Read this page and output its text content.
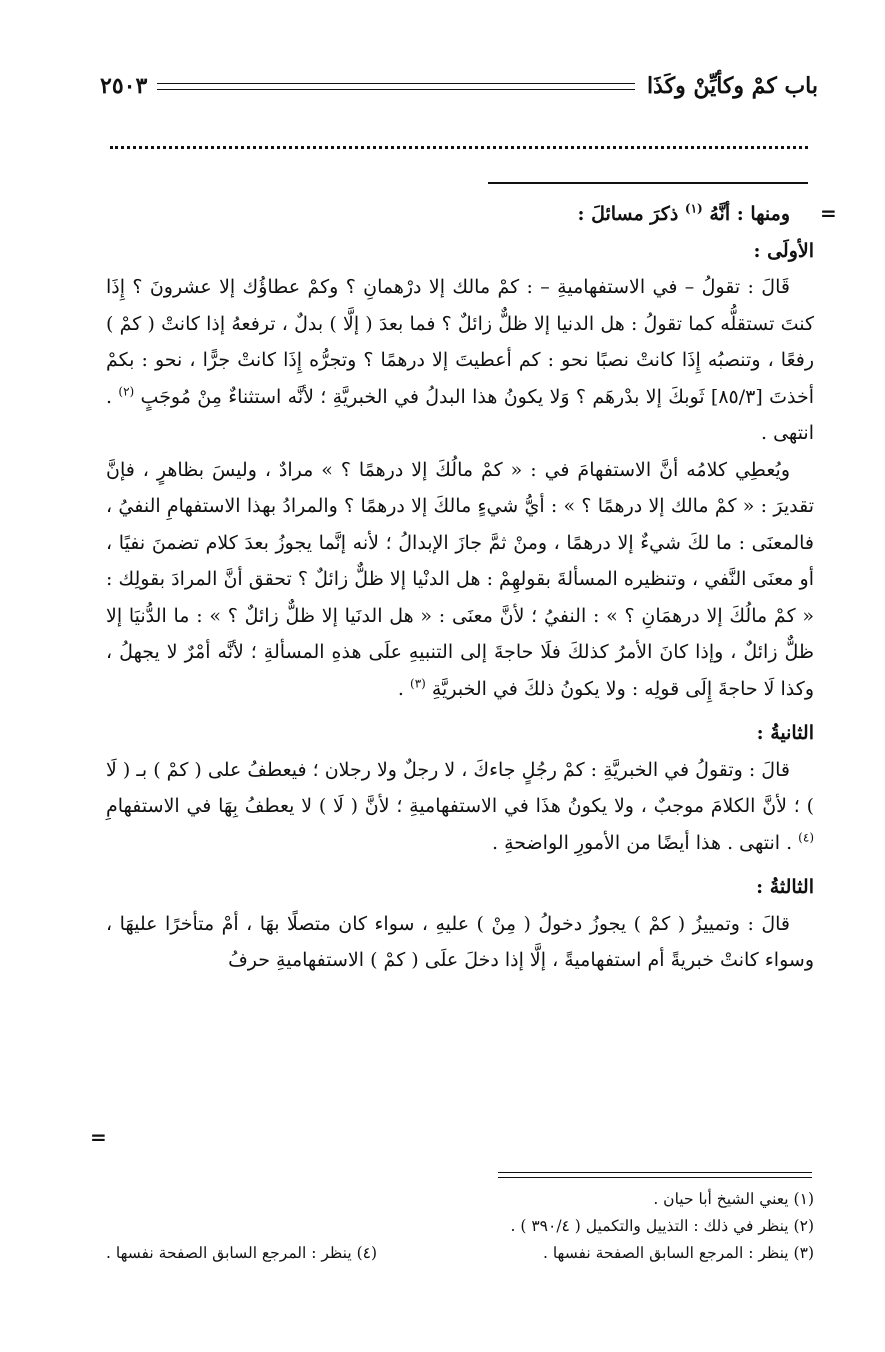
باب كمْ وكأيِّنْ وكَذَا
٢٥٠٣
=
=

ومنها : أنَّهُ $^{(١)}$ ذكرَ مسائلَ :

الأولَى :

قَالَ : تقولُ – في الاستفهاميةِ – : كمْ مالك إلا درْهمانِ ؟ وكمْ عطاؤُك إلا عشرونَ ؟ إِذَا كنتَ تستقلُّه كما تقولُ : هل الدنيا إلا ظلٌّ زائلٌ ؟ فما بعدَ ( إلَّا ) بدلٌ ، ترفعهُ إذا كانتْ ( كمْ ) رفعًا ، وتنصبُه إِذَا كانتْ نصبًا نحو : كم أعطيتَ إلا درهمًا ؟ وتجرُّه إِذَا كانتْ جرًّا ، نحو : بكمْ أخذتَ [٨٥/٣] ثَوبكَ إلا بدْرهَم ؟ وَلا يكونُ هذا البدلُ في الخبريَّةِ ؛ لأنَّه استثناءٌ مِنْ مُوجَبٍ $^{(٢)}$ . انتهى .

ويُعطِي كلامُه أنَّ الاستفهامَ في : « كمْ مالُكَ إلا درهمًا ؟ » مرادٌ ، وليسَ بظاهرٍ ، فإنَّ تقديرَ : « كمْ مالك إلا درهمًا ؟ » : أيُّ شيءٍ مالكَ إلا درهمًا ؟ والمرادُ بهذا الاستفهامِ النفيُ ، فالمعنَى : ما لكَ شيءٌ إلا درهمًا ، ومنْ ثمَّ جازَ الإبدالُ ؛ لأنه إنَّما يجوزُ بعدَ كلام تضمنَ نفيًا ، أو معنَى النَّفي ، وتنظيره المسألةَ بقولهِمْ : هل الدنْيا إلا ظلٌّ زائلٌ ؟ تحقق أنَّ المرادَ بقولِك : « كمْ مالُكَ إلا درهمَانِ ؟ » : النفيُ ؛ لأنَّ معنَى : « هل الدنَيا إلا ظلٌّ زائلٌ ؟ » : ما الدُّنيَا إلا ظلٌّ زائلٌ ، وإذا كانَ الأمرُ كذلكَ فلَا حاجةَ إلى التنبيهِ علَى هذهِ المسألةِ ؛ لأنَّه أمْرٌ لا يجهلُ ، وكذا لَا حاجةَ إِلَى قولِه : ولا يكونُ ذلكَ في الخبريَّةِ $^{(٣)}$ .

الثانيةُ :

قالَ : وتقولُ في الخبريَّةِ : كمْ رجُلٍ جاءكَ ، لا رجلٌ ولا رجلان ؛ فيعطفُ على ( كمْ ) بـ ( لَا ) ؛ لأنَّ الكلامَ موجبٌ ، ولا يكونُ هذَا في الاستفهاميةِ ؛ لأنَّ ( لَا ) لا يعطفُ بِهَا في الاستفهامِ $^{(٤)}$ . انتهى . هذا أيضًا من الأمورِ الواضحةِ .

الثالثةُ :

قالَ : وتمييزُ ( كمْ ) يجوزُ دخولُ ( مِنْ ) عليهِ ، سواء كان متصلًا بهَا ، أمْ متأخرًا عليهَا ، وسواء كانتْ خبريةً أم استفهاميةً ، إلَّا إذا دخلَ علَى ( كمْ ) الاستفهاميةِ حرفُ

(١) يعني الشيخ أبا حيان .

(٢) ينظر في ذلك : التذييل والتكميل ( ٣٩٠/٤ ) .

(٣) ينظر : المرجع السابق الصفحة نفسها .
(٤) ينظر : المرجع السابق الصفحة نفسها .
